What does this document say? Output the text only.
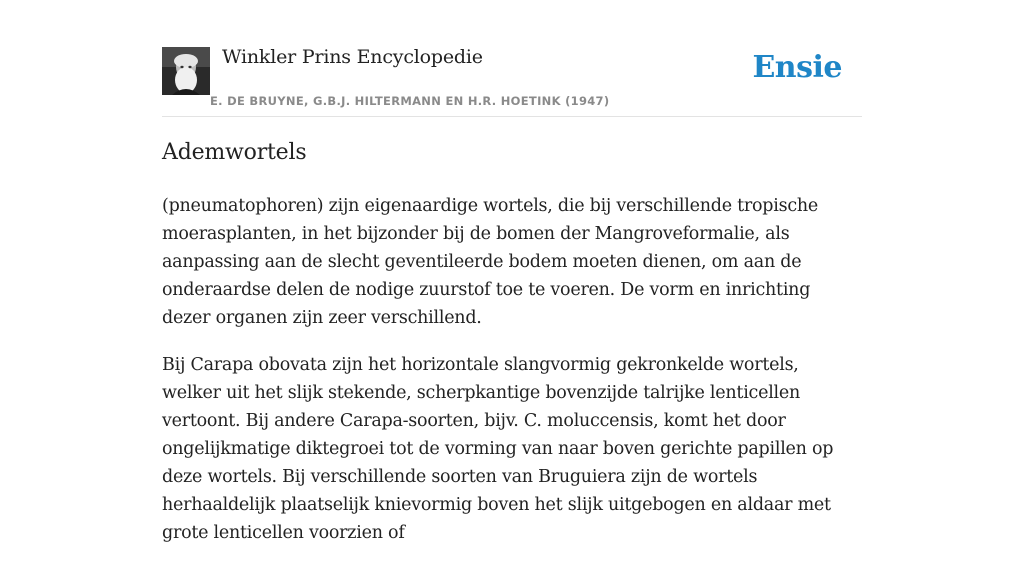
Winkler Prins Encyclopedie
E. DE BRUYNE, G.B.J. HILTERMANN EN H.R. HOETINK (1947)
Ensie
Ademwortels

(pneumatophoren) zijn eigenaardige wortels, die bij verschillende tropische moerasplanten, in het bijzonder bij de bomen der Mangroveformalie, als aanpassing aan de slecht geventileerde bodem moeten dienen, om aan de onderaardse delen de nodige zuurstof toe te voeren. De vorm en inrichting dezer organen zijn zeer verschillend.

Bij Carapa obovata zijn het horizontale slangvormig gekronkelde wortels, welker uit het slijk stekende, scherpkantige bovenzijde talrijke lenticellen vertoont. Bij andere Carapa-soorten, bijv. C. moluccensis, komt het door ongelijkmatige diktegroei tot de vorming van naar boven gerichte papillen op deze wortels. Bij verschillende soorten van Bruguiera zijn de wortels herhaaldelijk plaatselijk knievormig boven het slijk uitgebogen en aldaar met grote lenticellen voorzien of
